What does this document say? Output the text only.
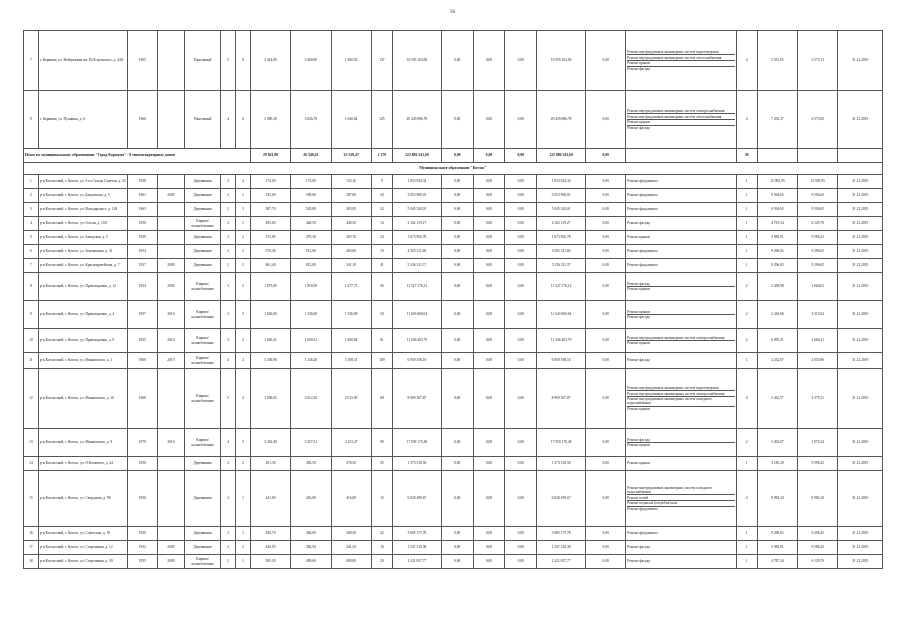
56
7	г. Коряжма, ул. Набережная им. Н.Островского, д. 44А	1965		Панельный	5	6	3 414,00	3 400,90	1 960,50	147	10 559 163,00	0,00	0,00	0,00	10 559 163,00	0,00	Ремонт внутридомовых инженерных систем водоотведения
Ремонт внутридомовых инженерных систем теплоснабжения
Ремонт крыши
Ремонт фасада	4	5 551,05	5 573,13	31.12.2019
8	г. Коряжма, ул. Пушкина, д. 6	1966		Панельный	4	6	3 080,20	3 026,70	1 640,84	125	20 439 686,78	0,00	0,00	0,00	20 439 686,78	0,00	Ремонт внутридомовых инженерных систем электроснабжения
Ремонт внутридомовых инженерных систем теплоснабжения
Ремонт крыши
Ремонт фасада	4	7 292,37	6 573,00	31.12.2019
Итого по муниципальному образованию "Город Коряжма" - 8 многоквартирных домов							29 841,80	26 540,61	25 528,47	1 279	122 886 343,60	0,00	0,00	0,00	122 886 343,60	0,00		30			
Муниципальное образование "Котлас"																					
1	р-н Котласский, г. Котлас, ул. 3-го Съезда Советов, д. 34	1938		Деревянные	3	4	174,00	174,00	133,10	9	1 053 924,34	0,00	0,00	0,00	1 053 924,34	0,00	Ремонт фундамента	1	15 005,95	15 005,95	31.12.2019
2	р-н Котласский, г. Котлас, ул. Багратиона, д. 5	1961	2009	Деревянные	2	1	543,00	509,00	387,80	20	3 053 960,01	0,00	0,00	0,00	3 053 960,01	0,00	Ремонт фундамента	1	9 594,65	9 594,65	31.12.2019
3	р-н Котласский, г. Котлас, ул. Володарского, д. 120	1963		Деревянные	2	3	587,70	520,80	403,05	22	5 045 520,01	0,00	0,00	0,00	5 045 520,01	0,00	Ремонт фундамента	1	9 594,65	9 594,65	31.12.2019
4	р-н Котласский, г. Котлас, ул. Гоголя, д. 10А	1956		Кирпич/шлакоблочные	2	1	495,00	440,50	440,50	14	2 102 119,27	0,00	0,00	0,00	2 102 119,27	0,00	Ремонт фасада	1	4 781,54	6 129,70	31.12.2019
5	р-н Котласский, г. Котлас, ул. Заводская, д. 5	1929		Деревянные	2	2	511,90	470,30	403,70	24	1 673 856,78	0,00	0,00	0,00	1 673 856,78	0,00	Ремонт крыши	1	3 985,01	9 586,41	31.12.2019
6	р-н Котласский, г. Котлас, ул. Землячкина, д. 31	1954		Деревянные	2	2	576,40	512,00	403,00	19	4 505 311,60	0,00	0,00	0,00	4 505 311,60	0,00	Ремонт фундамента	1	9 296,65	9 296,65	31.12.2019
7	р-н Котласский, г. Котлас, ул. Красноармейская, д. 7	1937	2009	Деревянные	2	2	861,40	821,00	341,10	41	5 236 311,37	0,00	0,00	0,00	5 236 311,37	0,00	Ремонт фундамента	1	9 296,65	9 296,65	31.12.2019
8	р-н Котласский, г. Котлас, ул. Правохоренко, д. 12	1954	2006	Кирпич/шлакоблочные	3	2	1 875,60	1 818,50	1 477,72	56	11 527 176,12	0,00	0,00	0,00	11 527 176,12	0,00	Ремонт фасада
Ремонт крыши	2	2 458,98	2 660,02	31.12.2019
9	р-н Котласский, г. Котлас, ул. Правохоренко, д. 4	1957	2010	Кирпич/шлакоблочные	3	3	1 826,00	1 536,00	1 536,00	50	11 643 060,64	0,00	0,00	0,00	11 643 060,64	0,00	Ремонт крыши
Ремонт фасада	2	2 416,66	3 315,63	31.12.2019
10	р-н Котласский, г. Котлас, ул. Правохоренко, д. 9	1955	2010	Кирпич/шлакоблочные	3	2	1 620,41	1 660,31	1 660,84	61	11 546 403,79	0,00	0,00	0,00	11 546 403,79	0,00	Ремонт внутридомовых инженерных систем электроснабжения
Ремонт крыши	2	6 095,31	2 660,21	31.12.2019
11	р-н Котласский, г. Котлас, ул. Маяковского, д. 1	1960	2010	Кирпич/шлакоблочные	4	4	3 356,90	3 146,20	3 108,31	109	6 950 558,16	0,00	0,00	0,00	6 950 558,16	0,00	Ремонт фасада	1	2 232,07	2 055,96	31.12.2019
12	р-н Котласский, г. Котлас, ул. Маяковского, д. 16	1966		Кирпич/шлакоблочные	5	4	3 858,02	3 612,20	2 613,00	101	8 969 307,87	0,00	0,00	0,00	8 969 307,87	0,00	Ремонт внутридомовых инженерных систем водоотведения
Ремонт внутридомовых инженерных систем электроснабжения
Ремонт внутридомовых инженерных систем холодного водоснабжения
Ремонт крыши	4	3 452,57	2 579,11	31.12.2019
13	р-н Котласский, г. Котлас, ул. Маяковского, д. 9	1979	2010	Кирпич/шлакоблочные	4	3	3 452,40	3 257,31	3 253,47	90	17 058 170,48	0,00	0,00	0,00	17 058 170,48	0,00	Ремонт фасада
Ремонт крыши	2	3 402,07	2 974,34	31.12.2019
14	р-н Котласский, г. Котлас, ул. О.Кошевого, д. 24	1956		Деревянные	2	2	491,30	456,50	376,50	25	1 373 318,56	0,00	0,00	0,00	1 373 318,56	0,00	Ремонт крыши	1	3 185,20	9 596,45	31.12.2019
15	р-н Котласский, г. Котлас, ул. Свердлова, д. 98	1950		Деревянные	2	1	441,00	416,00	416,00	15	6 020 299,67	0,00	0,00	0,00	6 020 299,67	0,00	Ремонт внутридомовых инженерных систем холодного водоснабжения
Ремонт печей
Ремонт подвалов (погребов) или
Ремонт фундамента	4	9 984,10	9 984,10	31.12.2019
16	р-н Котласский, г. Котлас, ул. Советская, д. 10	1920		Деревянные	2	1	450,70	406,60	380,50	22	3 685 175,78	0,00	0,00	0,00	3 685 175,78	0,00	Ремонт фундамента	1	9 296,65	9 296,45	31.12.2019
17	р-н Котласский, г. Котлас, ул. Спортивная, д. 12	1932	2009	Деревянные	2	2	426,05	382,94	341,35	16	1 547 316,38	0,00	0,00	0,00	1 547 316,38	0,00	Ремонт фасада	1	3 985,01	9 586,45	31.12.2019
18	р-н Котласский, г. Котлас, ул. Спортивная, д. 30	1955	2009	Кирпич/шлакоблочные	2	1	565,30	499,60	499,00	20	2 221 057,77	0,00	0,00	0,00	2 221 057,77	0,00	Ремонт фасада	1	4 787,34	6 129,70	31.12.2019
